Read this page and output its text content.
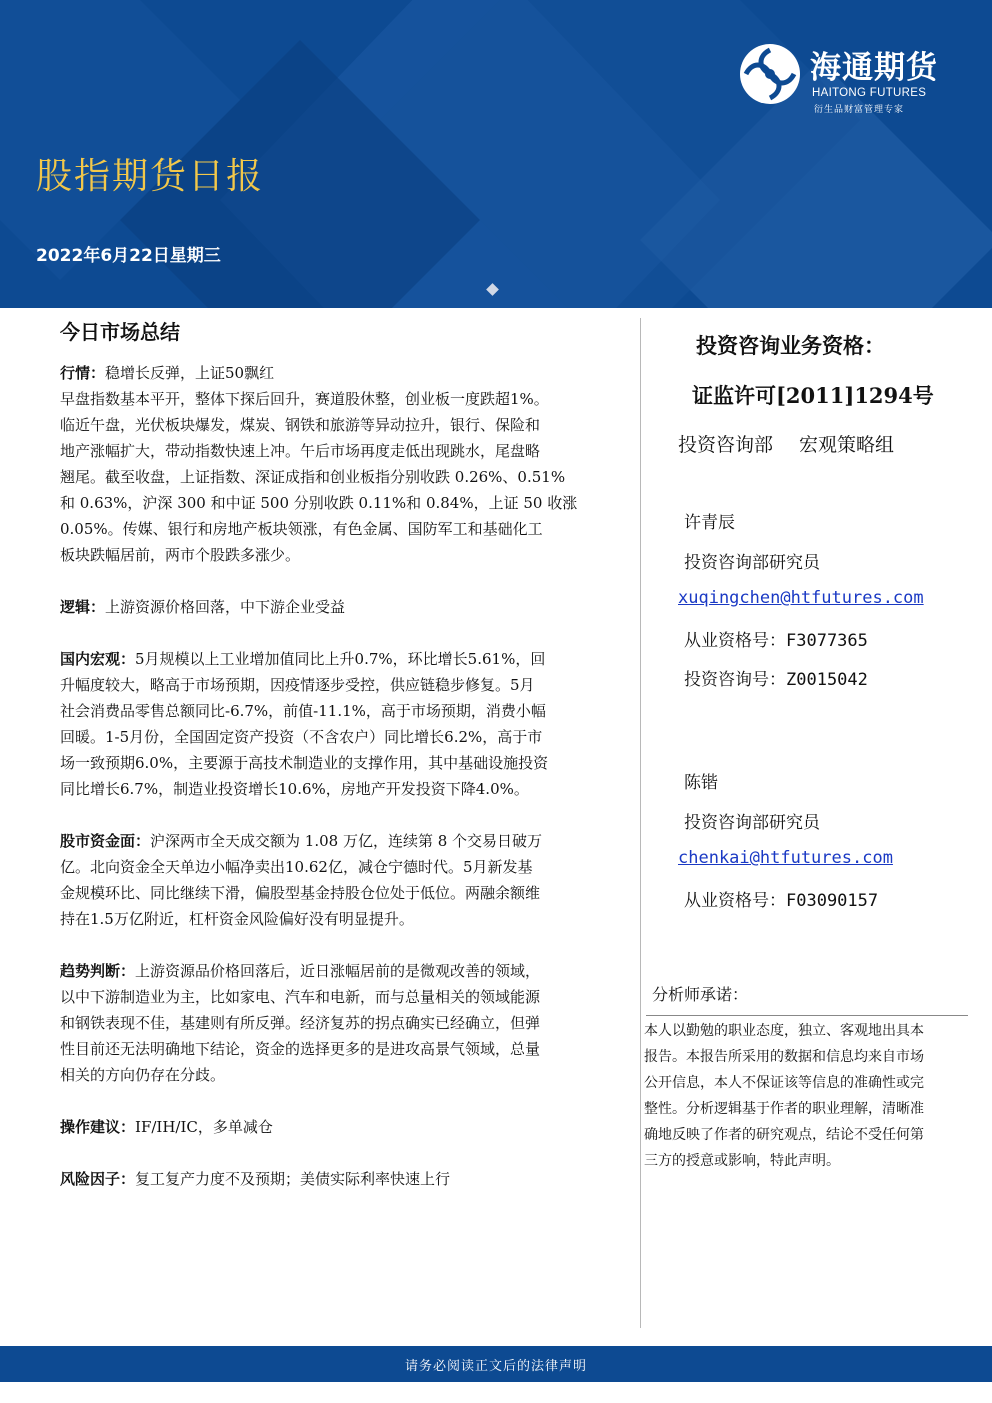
海通期货
HAITONG FUTURES
衍生品财富管理专家
股指期货日报
2022年6月22日星期三
今日市场总结

行情：稳增长反弹，上证50飘红

早盘指数基本平开，整体下探后回升，赛道股休整，创业板一度跌超1%。

临近午盘，光伏板块爆发，煤炭、钢铁和旅游等异动拉升，银行、保险和

地产涨幅扩大，带动指数快速上冲。午后市场再度走低出现跳水，尾盘略

翘尾。截至收盘，上证指数、深证成指和创业板指分别收跌 0.26%、0.51%

和 0.63%，沪深 300 和中证 500 分别收跌 0.11%和 0.84%，上证 50 收涨

0.05%。传媒、银行和房地产板块领涨，有色金属、国防军工和基础化工

板块跌幅居前，两市个股跌多涨少。

逻辑：上游资源价格回落，中下游企业受益

国内宏观：5月规模以上工业增加值同比上升0.7%，环比增长5.61%，回

升幅度较大，略高于市场预期，因疫情逐步受控，供应链稳步修复。5月

社会消费品零售总额同比-6.7%，前值-11.1%，高于市场预期，消费小幅

回暖。1-5月份，全国固定资产投资（不含农户）同比增长6.2%，高于市

场一致预期6.0%，主要源于高技术制造业的支撑作用，其中基础设施投资

同比增长6.7%，制造业投资增长10.6%，房地产开发投资下降4.0%。

股市资金面：沪深两市全天成交额为 1.08 万亿，连续第 8 个交易日破万

亿。北向资金全天单边小幅净卖出10.62亿，减仓宁德时代。5月新发基

金规模环比、同比继续下滑，偏股型基金持股仓位处于低位。两融余额维

持在1.5万亿附近，杠杆资金风险偏好没有明显提升。

趋势判断：上游资源品价格回落后，近日涨幅居前的是微观改善的领域，

以中下游制造业为主，比如家电、汽车和电新，而与总量相关的领域能源

和钢铁表现不佳，基建则有所反弹。经济复苏的拐点确实已经确立，但弹

性目前还无法明确地下结论，资金的选择更多的是进攻高景气领域，总量

相关的方向仍存在分歧。

操作建议：IF/IH/IC，多单减仓

风险因子：复工复产力度不及预期；美债实际利率快速上行

投资咨询业务资格：
证监许可[2011]1294号
投资咨询部 宏观策略组
许青辰
投资咨询部研究员
xuqingchen@htfutures.com
从业资格号：F3077365
投资咨询号：Z0015042
陈锴
投资咨询部研究员
chenkai@htfutures.com
从业资格号：F03090157
分析师承诺：

本人以勤勉的职业态度，独立、客观地出具本

报告。本报告所采用的数据和信息均来自市场

公开信息，本人不保证该等信息的准确性或完

整性。分析逻辑基于作者的职业理解，清晰准

确地反映了作者的研究观点，结论不受任何第

三方的授意或影响，特此声明。

请务必阅读正文后的法律声明
